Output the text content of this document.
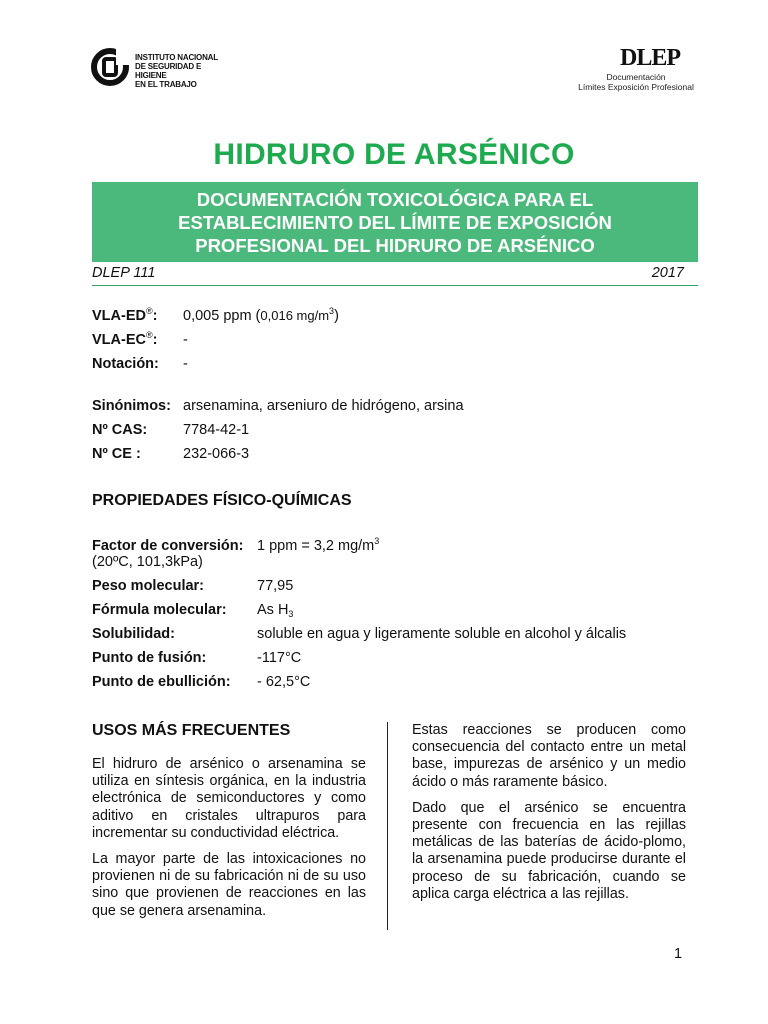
INSTITUTO NACIONAL
DE SEGURIDAD E HIGIENE
EN EL TRABAJO
DLEP
Documentación
Límites Exposición Profesional
HIDRURO DE ARSÉNICO
DOCUMENTACIÓN TOXICOLÓGICA PARA EL
ESTABLECIMIENTO DEL LÍMITE DE EXPOSICIÓN
PROFESIONAL DEL HIDRURO DE ARSÉNICO
DLEP 111	2017
VLA-ED®: 0,005 ppm (0,016 $mg/m^3$)
VLA-EC®: -
Notación: -
Sinónimos: arsenamina, arseniuro de hidrógeno, arsina
Nº CAS: 7784-42-1
Nº CE :	232-066-3
PROPIEDADES FÍSICO-QUÍMICAS
Factor de conversión: 1 ppm = 3,2 $mg/m^3$
(20ºC, 101,3kPa)
Peso molecular:	77,95
Fórmula molecular: As $H_3$
Solubilidad:	soluble en agua y ligeramente soluble en alcohol y álcalis
Punto de fusión:	-117°C
Punto de ebullición: - 62,5°C
USOS MÁS FRECUENTES

El hidruro de arsénico o arsenamina se utiliza en síntesis orgánica, en la industria electrónica de semiconductores y como aditivo en cristales ultrapuros para incrementar su conductividad eléctrica.

La mayor parte de las intoxicaciones no provienen ni de su fabricación ni de su uso sino que provienen de reacciones en las que se genera arsenamina.

Estas reacciones se producen como consecuencia del contacto entre un metal base, impurezas de arsénico y un medio ácido o más raramente básico.

Dado que el arsénico se encuentra presente con frecuencia en las rejillas metálicas de las baterías de ácido-plomo, la arsenamina puede producirse durante el proceso de su fabricación, cuando se aplica carga eléctrica a las rejillas.

1
